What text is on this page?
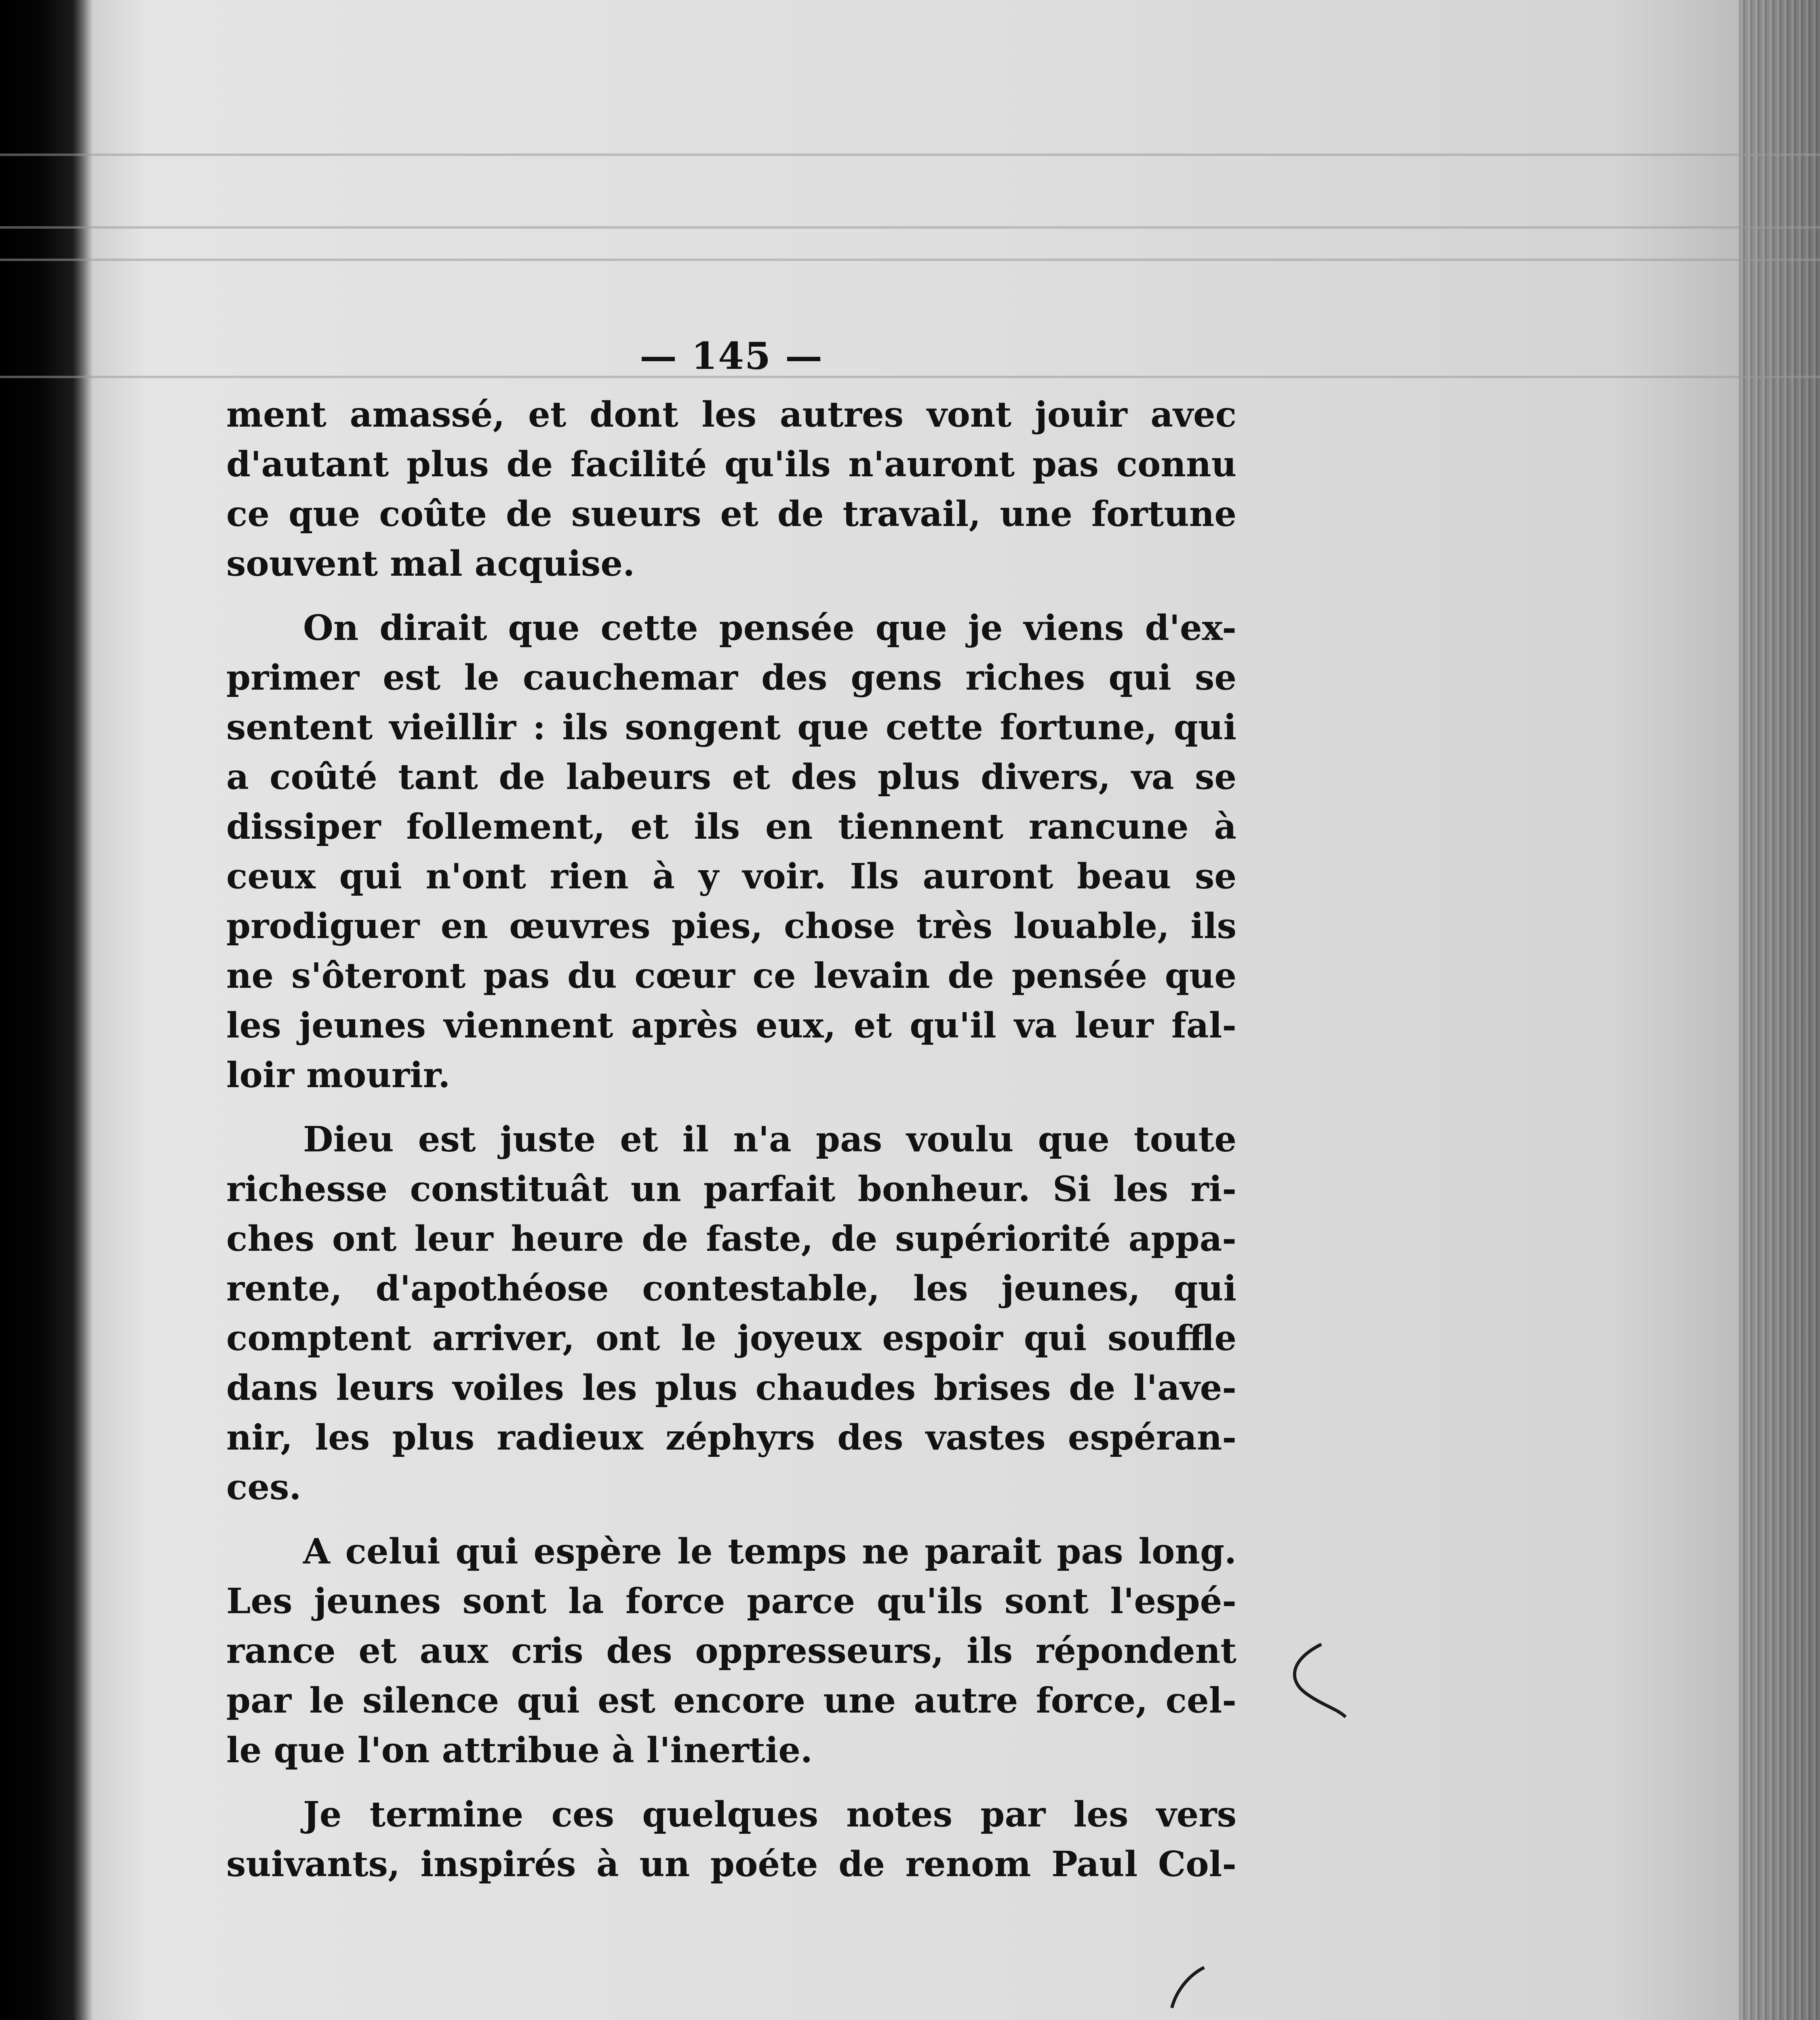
— 145 —
ment amassé, et dont les autres vont jouir avec
d'autant plus de facilité qu'ils n'auront pas connu
ce que coûte de sueurs et de travail, une fortune
souvent mal acquise.
On dirait que cette pensée que je viens d'ex-
primer est le cauchemar des gens riches qui se
sentent vieillir : ils songent que cette fortune, qui
a coûté tant de labeurs et des plus divers, va se
dissiper follement, et ils en tiennent rancune à
ceux qui n'ont rien à y voir. Ils auront beau se
prodiguer en œuvres pies, chose très louable, ils
ne s'ôteront pas du cœur ce levain de pensée que
les jeunes viennent après eux, et qu'il va leur fal-
loir mourir.
Dieu est juste et il n'a pas voulu que toute
richesse constituât un parfait bonheur. Si les ri-
ches ont leur heure de faste, de supériorité appa-
rente, d'apothéose contestable, les jeunes, qui
comptent arriver, ont le joyeux espoir qui souffle
dans leurs voiles les plus chaudes brises de l'ave-
nir, les plus radieux zéphyrs des vastes espéran-
ces.
A celui qui espère le temps ne parait pas long.
Les jeunes sont la force parce qu'ils sont l'espé-
rance et aux cris des oppresseurs, ils répondent
par le silence qui est encore une autre force, cel-
le que l'on attribue à l'inertie.
Je termine ces quelques notes par les vers
suivants, inspirés à un poéte de renom Paul Col-
